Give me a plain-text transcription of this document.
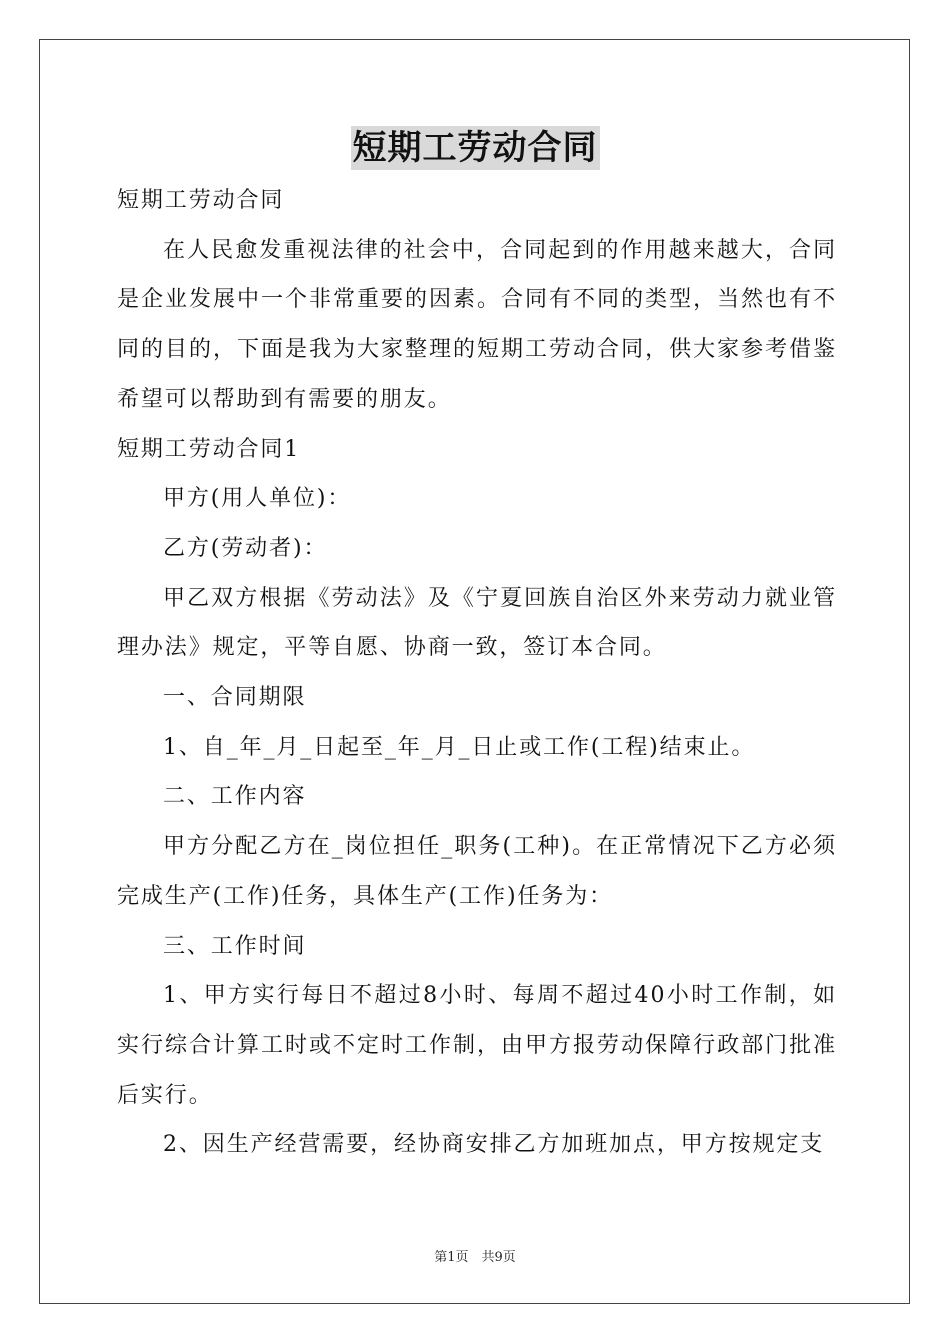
短期工劳动合同

短期工劳动合同

在人民愈发重视法律的社会中，合同起到的作用越来越大，合同是企业发展中一个非常重要的因素。合同有不同的类型，当然也有不同的目的，下面是我为大家整理的短期工劳动合同，供大家参考借鉴希望可以帮助到有需要的朋友。

短期工劳动合同1

甲方(用人单位)：

乙方(劳动者)：

甲乙双方根据《劳动法》及《宁夏回族自治区外来劳动力就业管理办法》规定，平等自愿、协商一致，签订本合同。

一、合同期限

1、自_年_月_日起至_年_月_日止或工作(工程)结束止。

二、工作内容

甲方分配乙方在_岗位担任_职务(工种)。在正常情况下乙方必须完成生产(工作)任务，具体生产(工作)任务为：

三、工作时间

1、甲方实行每日不超过8小时、每周不超过40小时工作制，如实行综合计算工时或不定时工作制，由甲方报劳动保障行政部门批准后实行。

2、因生产经营需要，经协商安排乙方加班加点，甲方按规定支

第1页　共9页
